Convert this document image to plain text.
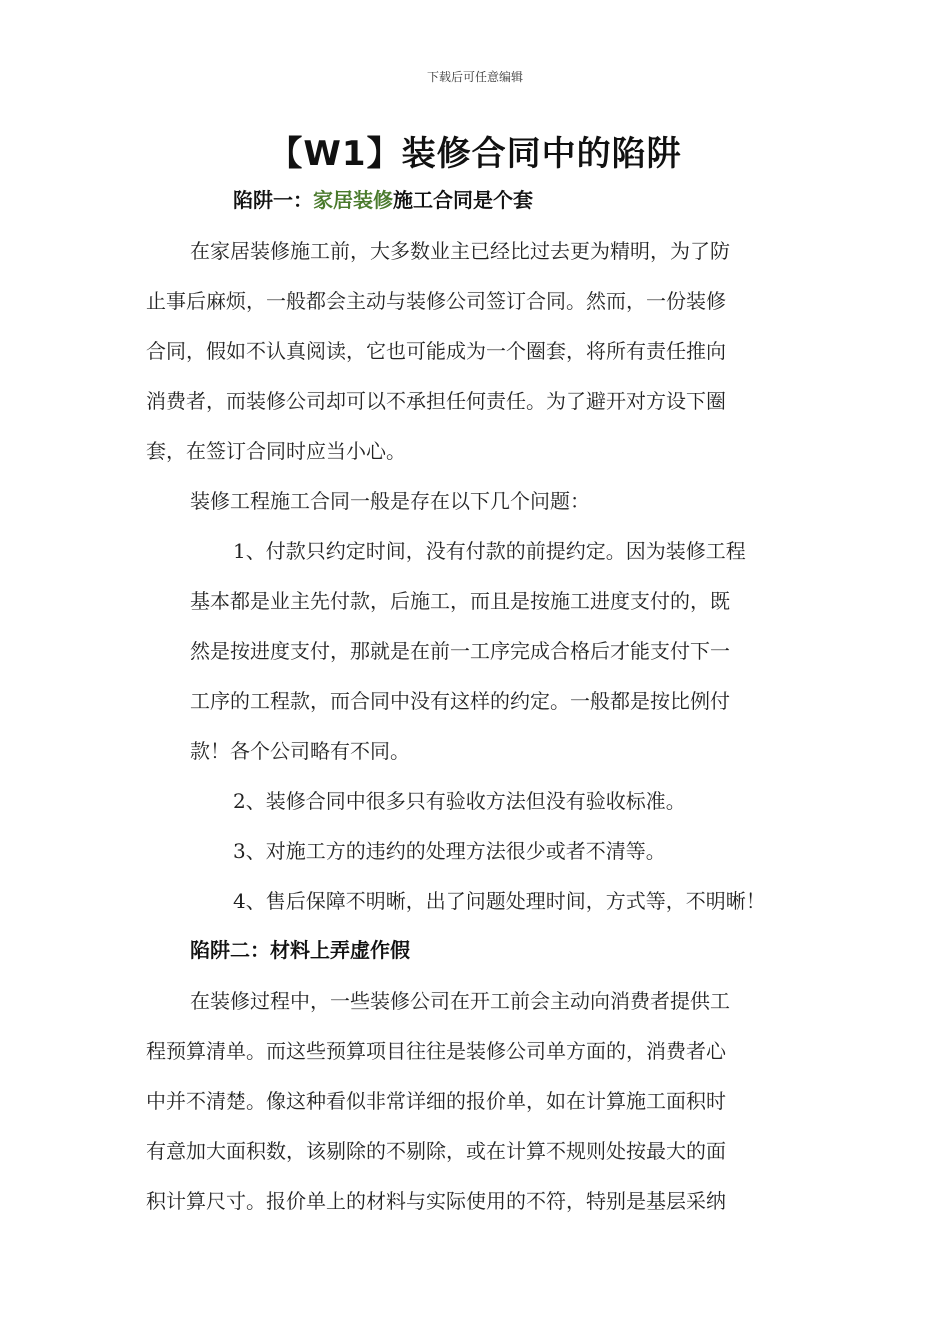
下载后可任意编辑
【W1】装修合同中的陷阱
陷阱一：家居装修施工合同是个套
在家居装修施工前，大多数业主已经比过去更为精明，为了防
止事后麻烦，一般都会主动与装修公司签订合同。然而，一份装修
合同，假如不认真阅读，它也可能成为一个圈套，将所有责任推向
消费者，而装修公司却可以不承担任何责任。为了避开对方设下圈
套，在签订合同时应当小心。
装修工程施工合同一般是存在以下几个问题：
1、付款只约定时间，没有付款的前提约定。因为装修工程
基本都是业主先付款，后施工，而且是按施工进度支付的，既
然是按进度支付，那就是在前一工序完成合格后才能支付下一
工序的工程款，而合同中没有这样的约定。一般都是按比例付
款！各个公司略有不同。
2、装修合同中很多只有验收方法但没有验收标准。
3、对施工方的违约的处理方法很少或者不清等。
4、售后保障不明晰，出了问题处理时间，方式等，不明晰！
陷阱二：材料上弄虚作假
在装修过程中，一些装修公司在开工前会主动向消费者提供工
程预算清单。而这些预算项目往往是装修公司单方面的，消费者心
中并不清楚。像这种看似非常详细的报价单，如在计算施工面积时
有意加大面积数，该剔除的不剔除，或在计算不规则处按最大的面
积计算尺寸。报价单上的材料与实际使用的不符，特别是基层采纳
